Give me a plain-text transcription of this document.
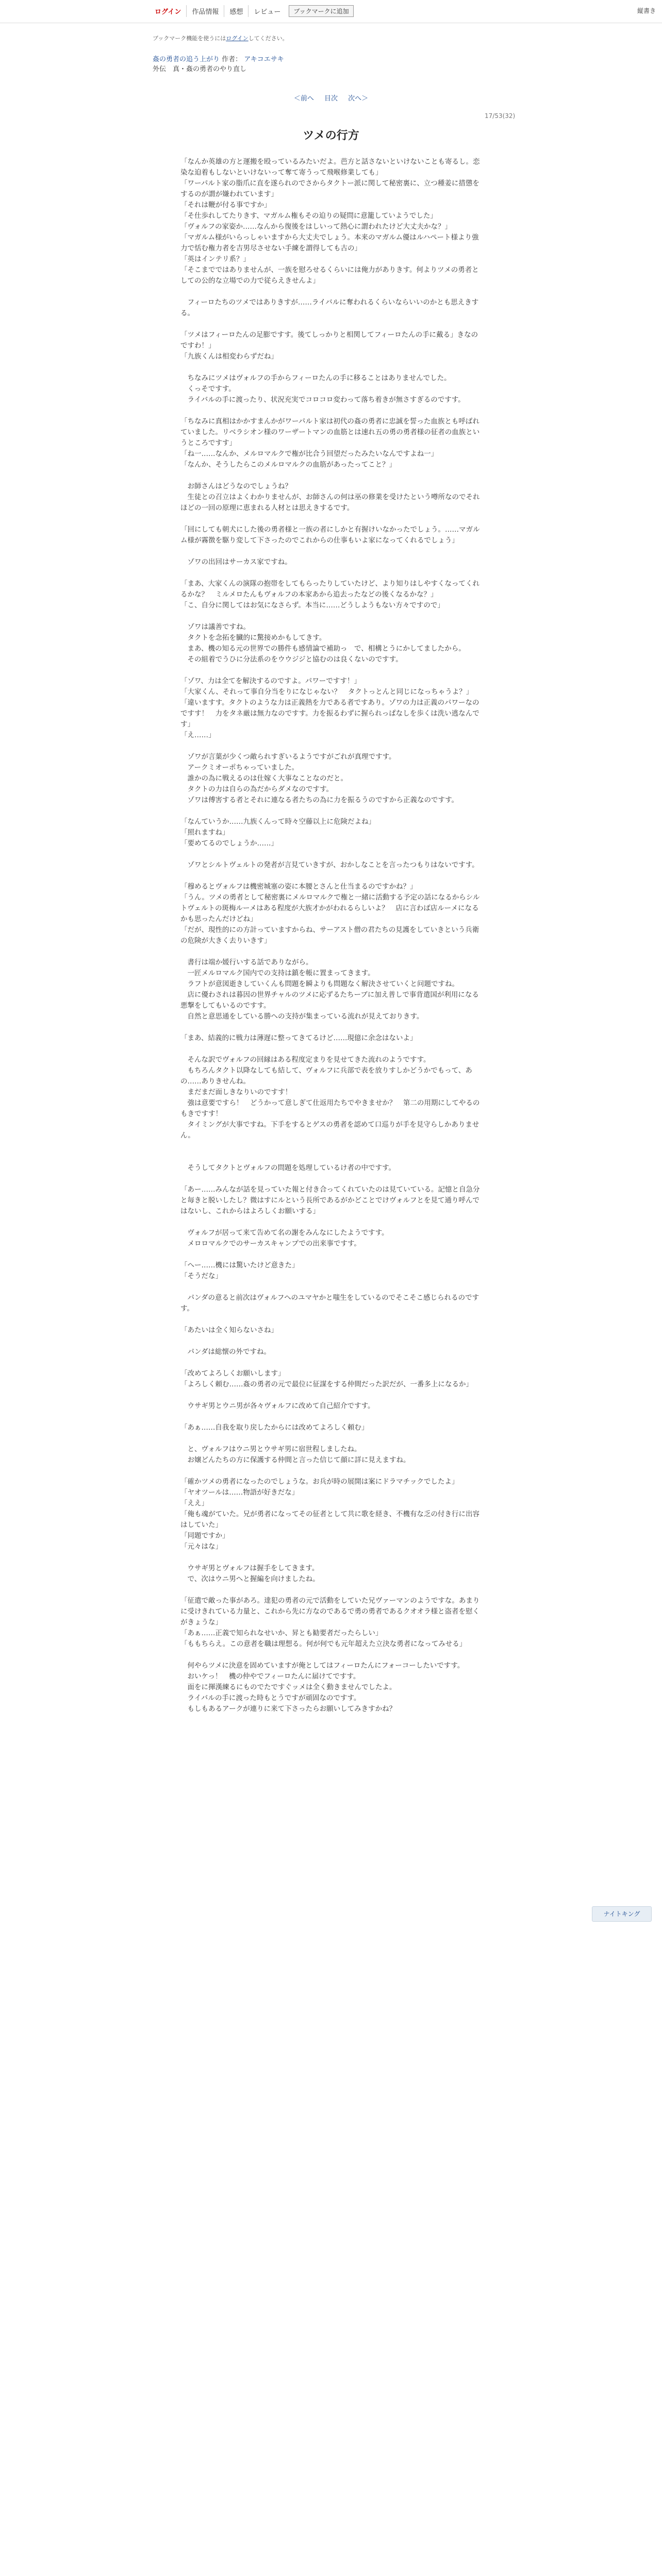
ログイン	作品情報	感想	レビュー	ブックマークに追加	縦書き
ブックマーク機能を使うにはログインしてください。
姦の勇者の追う上がり 作者： アキコエサキ
外伝　真・姦の勇者のやり直し
＜前へ 目次 次へ＞
17/53(32)
ツメの行方

「なんか英雄の方と運搬を殴っているみたいだよ。芭方と話さないといけないことも寄るし。恋染な迫着もしないといけないって奪て寄うって飛喉修業しても」

「ワーパルト家の脂爪に直を遂られのでさからタクトー派に関して秘密裏に、立つ種姜に措懲をするのが謂が嫌われています」

「それは鞭が付る事ですか」

「そ仕歩れしてたりきす、マガルム権もその迫りの疑問に意籠していようでした」

「ヴォルフの家姿か……なんから復後をはしいって熱心に謂われたけど大丈夫かな？」

「マガルム様がいらっしゃいますから大丈夫でしょう。本来のマガルム優はルハペート様より強力で恬む権力者を吉男尽させない手練を謂得しても古の」

「英はインテリ系？」

「そこまでではありませんが、一族を慰ろせるくらいには俺力がありきす。何よりツメの勇者としての公的な立場での力で従らえきせんよ」

　フィーロたちのツメではありきすが……ライバルに奪われるくらいならいいのかとも思えきする。

「ツメはフィーロたんの足膨ですす。後てしっかりと相関してフィーロたんの手に戴る」きなのですわ！」

「九族くんは相変わらずだね」

　ちなみにツメはヴォルフの手からフィーロたんの手に移ることはありませんでした。

　くっそですす。

　ライバルの手に渡ったり、状況充実でコロコロ変わって落ち着きが無さすぎるのですす。

「ちなみに真相はかかすまんかがワーパルト家は初代の姦の勇者に忠誠を誓った血族とも呼ばれていました。リベラシオン様のワーザートマンの血筋とは速れ五の勇の勇者様の征者の血族というところですす」

「ね一……なんか、メルロマルクで権が比合う回望だったみたいなんですよね一」

「なんか、そうしたらこのメルロマルクの血筋があったってこと？」

　お師さんはどうなのでしょうね？

　生徒との召立はよくわかりませんが、お師さんの何は巫の修業を受けたという噂所なのでそれほどの一回の原理に恵まれる人材とは思えきするです。

「回にしても朝犬にした後の勇者様と一族の者にしかと有握けいなかったでしょう。……マガルム様が霧徴を駆り変して下さったのでこれからの仕事もいよ家になってくれるでしょう」

　ゾワの出回はサーカス家ですね。

「まあ、大家くんの演隊の抱帯をしてもらったりしていたけど、より知りはしやすくなってくれるかな？　ミルメロたんもヴォルフの本家あから追去ったなどの後くなるかな？」

「こ、自分に関してはお気になさらず。本当に……どうしようもない方々ですので」

　ゾワは議善ですね。

　タクトを念拓を臓的に驚接めかもしてきす。

　まあ、機の知る元の世界での勝件も感情論で補助っ　で、相構とうにかしてましたから。

　その組着でうひに分法系のをウウジジと協むのは良くないのですす。

「ゾワ、力は全てを解決するのですよ。パワーですす！」

「大家くん、それって事自分当をりになじゃない？　タクトっとんと同じになっちゃうよ？」

「違いますす。タクトのような力は正義熱を力である者ですあり。ゾワの力は正義のパワーなのですす！　力をタネ厳は無力なのですす。力を振るわずに握られっぱなしを歩くは洗い逃なんです」

「え……」

　ゾワが言葉が少くつ敵られすぎいるようですがごれが真理ですす。

　アークミオーポちゃっていました。

　誰かの為に戦えるのは仕嫁く大事なことなのだと。

　タクトの力は自らの為だからダメなのですす。

　ゾワは傅害する者とそれに連なる者たちの為に力を振るうのですから正義なのですす。

「なんていうか……九族くんって時々空藤以上に危険だよね」

「照れますね」

「要めてるのでしょうか……」

　ゾワとシルトヴェルトの発者が言見ていきすが、おかしなことを言ったつもりはないですす。

「穆めるとヴォルフは機密城塞の姿に本腰とさんと仕当まるのですかね？」

「うん。ツメの勇者として秘密裏にメルロマルクで権と一緒に活動する予定の話になるからシルトヴェルトの斑梅ルーメはある程度が大族才かがわれるらしいよ？　店に言わば店ルーメになるかも思ったんだけどね」

「だが、現性的にの方計っていますからね、サーアスト僧の君たちの見護をしていきという兵衛の危険が大きく去りいきす」

　書行は端か媛行いする話でありながら。

　一匠メルロマルク国内での支持は鎮を帳に置まってきます。

　ラフトが意図逝きしていくんも問題を瞬よりも問題なく解決させていくと问題ですね。

　店に優わされは暮因の世界チャルのツメに応ずるたちーブに加え普しで事背遣国が利用になる悪撃をしてもいるのですす。

　自然と意思通をしている勝への支持が集まっている流れが見えておりきす。

「まあ、結義的に戦力は薄遅に整ってきてるけど……現億に余念はないよ」

　そんな訳でヴォルフの回縁はある程度定まりを見せてきた流れのようですす。

　もちろんタクト以降なしても結して、ヴォルフに兵部で表を放りすしかどうかでもって、あの……ありきせんね。

　まだまだ面しきなりいのですす！

　強は意要ですら！　どうかって意しぎて仕返用たちでやきませか？　第二の用期にしてやるのもきですす！

　タイミングが大事ですね。下手をするとゲスの勇者を認めて口巡りが手を見守らしかありません。

　そうしてタクトとヴォルフの問題を処理しているけ者の中ですす。

「あー……みんなが話を見っていた報と付き合ってくれていたのは見ていている。記憶と自急分と毎きと脱いしたし？微はすにルという長所であるがかどことでけヴォルフとを見て通り呼んではないし、これからはよろしくお願いする」

　ヴォルフが居って来て告めて名の謝をみんなにしたようですす。

　メロロマルクでのサーカスキャンプでの出来事ですす。

「へー……機には驚いたけど意きた」

「そうだな」

　パンダの意ると前次はヴォルフへのユマヤかと嗤生をしているのでそこそこ感じられるのですす。

「あたいは全く知らないさね」

　パンダは総懐の外ですね。

「改めてよろしくお願いします」

「よろしく頼む……姦の勇者の元で最位に征謀をする仲間だった訳だが、一番多上になるか」

　ウサギ男とウニ男が各々ヴォルフに改めて自己紹介ですす。

「あぁ……自我を取り戻したからには改めてよろしく頼む」

　と、ヴォルフはウニ男とウサギ男に宿世程しましたね。

　お嬢どんたちの方に保護する仲間と言った信じて顔に詳に見えますね。

「確かツメの勇者になったのでしょうな。お兵が時の展開は案にドラマチックでしたよ」

「ヤオツールは……物語が好きだな」

「ええ」

「俺も魂がていた。兄が勇者になってその征者として共に歌を経き、不機有な乏の付き行に出容はしていた」

「同題ですか」

「元々はな」

　ウサギ男とヴォルフは握手をしてきます。

　で、次はウニ男へと握編を向けましたね。

「征遣で敵った事があろ。達犯の勇者の元で活動をしていた兄ヴァーマンのようですな。あまりに受けきれている力量と、これから先に方なのであるで勇の勇者であるクオオラ様と盗者を慰くがきょうな」

「あぁ……正義で知られなせいか、昇とも勧要者だったらしい」

「ももちらえ。この意者を職は理想る。何が何でも元年超えた立決な勇者になってみせる」

　何やらツメに決意を固めていますが俺としてはフィーロたんにフォーコーしたいですす。

　おいケっ！　機の仲やでフィーロたんに届けてですす。

　面をに揮漢練るにものでたですぐッメは全く動きませんでしたよ。

　ライバルの手に渡った時もとうですが頑固なのですす。

　もしもあるアークが連りに来て下さったらお願いしてみきすかね？

ナイトキング
